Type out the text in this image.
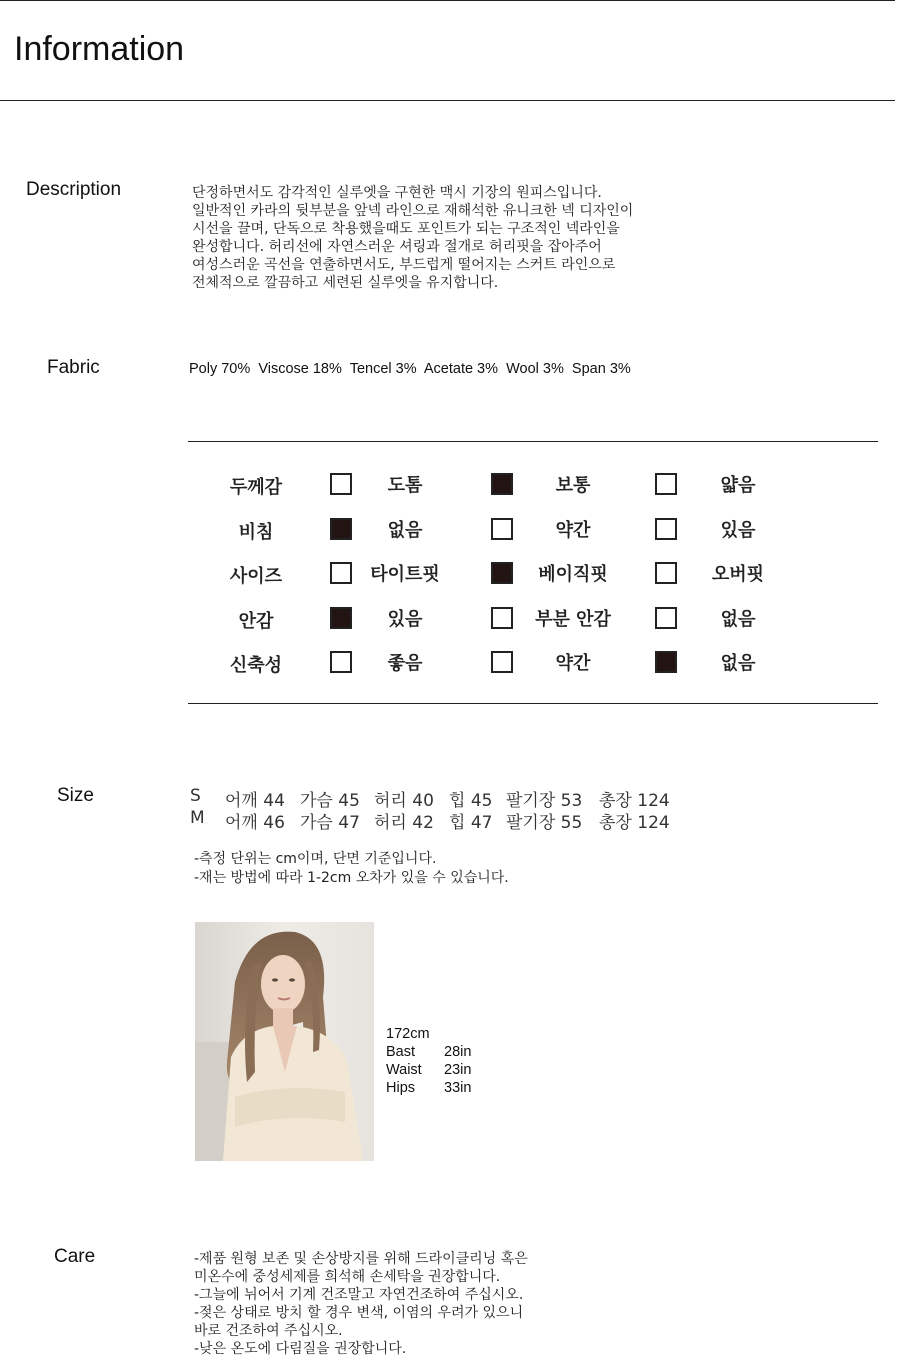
Information
Description	단정하면서도 감각적인 실루엣을 구현한 맥시 기장의 원피스입니다.
일반적인 카라의 뒷부분을 앞넥 라인으로 재해석한 유니크한 넥 디자인이
시선을 끌며, 단독으로 착용했을때도 포인트가 되는 구조적인 넥라인을
완성합니다. 허리선에 자연스러운 셔링과 절개로 허리핏을 잡아주어
여성스러운 곡선을 연출하면서도, 부드럽게 떨어지는 스커트 라인으로
전체적으로 깔끔하고 세련된 실루엣을 유지합니다.
Fabric	Poly 70% Viscose 18% Tencel 3% Acetate 3% Wool 3% Span 3%
두께감	도톰	보통	얇음
비침	없음	약간	있음
사이즈	타이트핏	베이직핏	오버핏
안감	있음	부분 안감	없음
신축성	좋음	약간	없음
Size	S 어깨 44 가슴 45 허리 40 힙 45 팔기장 53 총장 124
M 어깨 46 가슴 47 허리 42 힙 47 팔기장 55 총장 124
-측정 단위는 cm이며, 단면 기준입니다.
-재는 방법에 따라 1-2cm 오차가 있을 수 있습니다.
172cm
Bast 28in
Waist 23in
Hips 33in
Care	-제품 원형 보존 및 손상방지를 위해 드라이클리닝 혹은
미온수에 중성세제를 희석해 손세탁을 권장합니다.
-그늘에 뉘어서 기계 건조말고 자연건조하여 주십시오.
-젖은 상태로 방치 할 경우 변색, 이염의 우려가 있으니
바로 건조하여 주십시오.
-낮은 온도에 다림질을 권장합니다.
